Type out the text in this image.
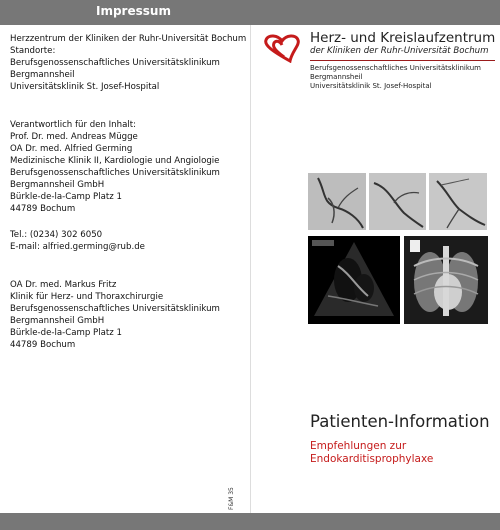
Impressum
Herzzentrum der Kliniken der Ruhr-Universität Bochum
Standorte:
Berufsgenossenschaftliches Universitätsklinikum
Bergmannsheil
Universitätsklinik St. Josef-Hospital
Verantwortlich für den Inhalt:
Prof. Dr. med. Andreas Mügge
OA Dr. med. Alfried Germing
Medizinische Klinik II, Kardiologie und Angiologie
Berufsgenossenschaftliches Universitätsklinikum
Bergmannsheil GmbH
Bürkle-de-la-Camp Platz 1
44789 Bochum
Tel.: (0234) 302 6050
E-mail: alfried.germing@rub.de
OA Dr. med. Markus Fritz
Klinik für Herz- und Thoraxchirurgie
Berufsgenossenschaftliches Universitätsklinikum
Bergmannsheil GmbH
Bürkle-de-la-Camp Platz 1
44789 Bochum
Herz- und Kreislaufzentrum
der Kliniken der Ruhr-Universität Bochum
Berufsgenossenschaftliches Universitätsklinikum
Bergmannsheil
Universitätsklinik St. Josef-Hospital
Patienten-Information
Empfehlungen zur
Endokarditisprophylaxe
F&M 35
